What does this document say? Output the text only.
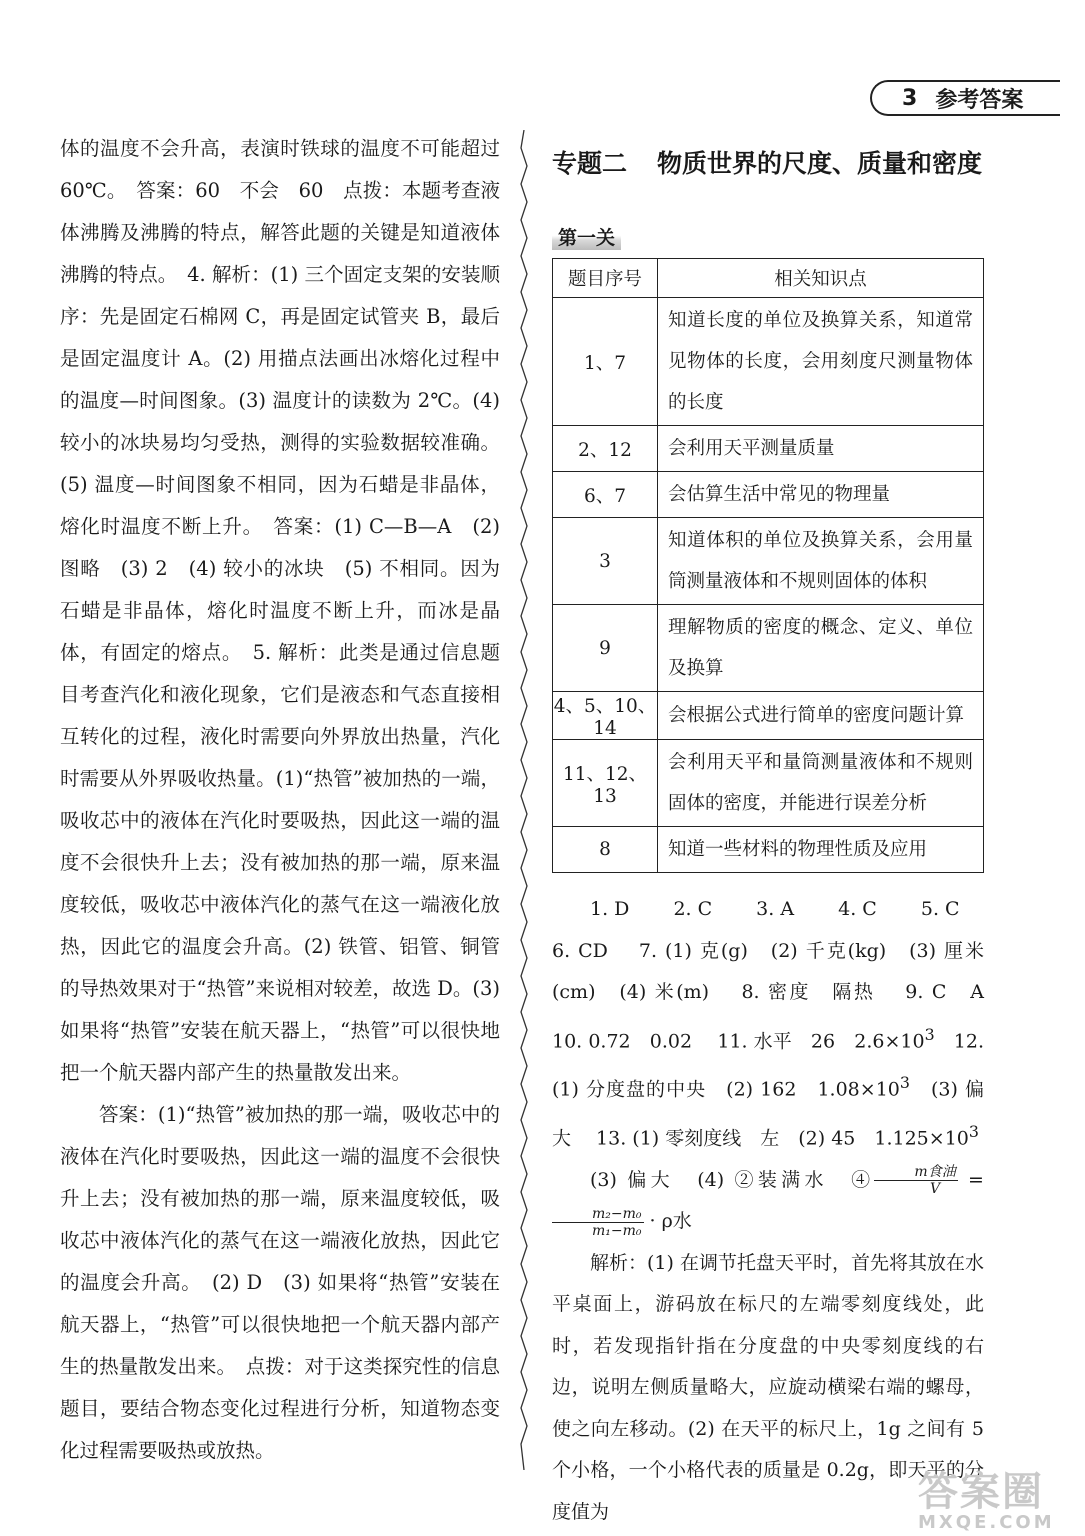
3 参考答案

体的温度不会升高，表演时铁球的温度不可能超过60℃。　答案：60　不会　60　点拨：本题考查液体沸腾及沸腾的特点，解答此题的关键是知道液体沸腾的特点。　4. 解析：(1) 三个固定支架的安装顺序：先是固定石棉网 C，再是固定试管夹 B，最后是固定温度计 A。(2) 用描点法画出冰熔化过程中的温度—时间图象。(3) 温度计的读数为 2℃。(4) 较小的冰块易均匀受热，测得的实验数据较准确。(5) 温度—时间图象不相同，因为石蜡是非晶体，熔化时温度不断上升。　答案：(1) C—B—A　(2) 图略　(3) 2　(4) 较小的冰块　(5) 不相同。因为石蜡是非晶体，熔化时温度不断上升，而冰是晶体，有固定的熔点。　5. 解析：此类是通过信息题目考查汽化和液化现象，它们是液态和气态直接相互转化的过程，液化时需要向外界放出热量，汽化时需要从外界吸收热量。(1)“热管”被加热的一端，吸收芯中的液体在汽化时要吸热，因此这一端的温度不会很快升上去；没有被加热的那一端，原来温度较低，吸收芯中液体汽化的蒸气在这一端液化放热，因此它的温度会升高。(2) 铁管、铝管、铜管的导热效果对于“热管”来说相对较差，故选 D。(3) 如果将“热管”安装在航天器上，“热管”可以很快地把一个航天器内部产生的热量散发出来。

答案：(1)“热管”被加热的那一端，吸收芯中的液体在汽化时要吸热，因此这一端的温度不会很快升上去；没有被加热的那一端，原来温度较低，吸收芯中液体汽化的蒸气在这一端液化放热，因此它的温度会升高。　(2) D　(3) 如果将“热管”安装在航天器上，“热管”可以很快地把一个航天器内部产生的热量散发出来。　点拨：对于这类探究性的信息题目，要结合物态变化过程进行分析，知道物态变化过程需要吸热或放热。

专题二 物质世界的尺度、质量和密度
第一关
题目序号	相关知识点
1、7	知道长度的单位及换算关系，知道常见物体的长度，会用刻度尺测量物体的长度
2、12	会利用天平测量质量
6、7	会估算生活中常见的物理量
3	知道体积的单位及换算关系，会用量筒测量液体和不规则固体的体积
9	理解物质的密度的概念、定义、单位及换算
4、5、10、14	会根据公式进行简单的密度问题计算
11、12、13	会利用天平和量筒测量液体和不规则固体的密度，并能进行误差分析
8	知道一些材料的物理性质及应用

1. D　　 2. C　　 3. A　　 4. C　　 5. C

6. CD　 7. (1) 克(g)　(2) 千克(kg)　(3) 厘米(cm)　(4) 米(m)　 8. 密度　隔热　 9. C　A　 10. 0.72　0.02　 11. 水平　26　$2.6\times 10^3$　12. (1) 分度盘的中央　(2) 162　$1.08\times 10^3$　(3) 偏大　 13. (1) 零刻度线　左　(2) 45　$1.125\times 10^3$

(3) 偏大　(4) ②装满水　④ $\frac{\text{m食油}}{V}$ =
$\frac{\text{m₂−m₀}}{\text{m₁−m₀}} \cdot \rho$水

解析：(1) 在调节托盘天平时，首先将其放在水平桌面上，游码放在标尺的左端零刻度线处，此时，若发现指针指在分度盘的中央零刻度线的右边，说明左侧质量略大，应旋动横梁右端的螺母，使之向左移动。(2) 在天平的标尺上，1g 之间有 5 个小格，一个小格代表的质量是 0.2g，即天平的分度值为	答案圈
MXQE.COM
